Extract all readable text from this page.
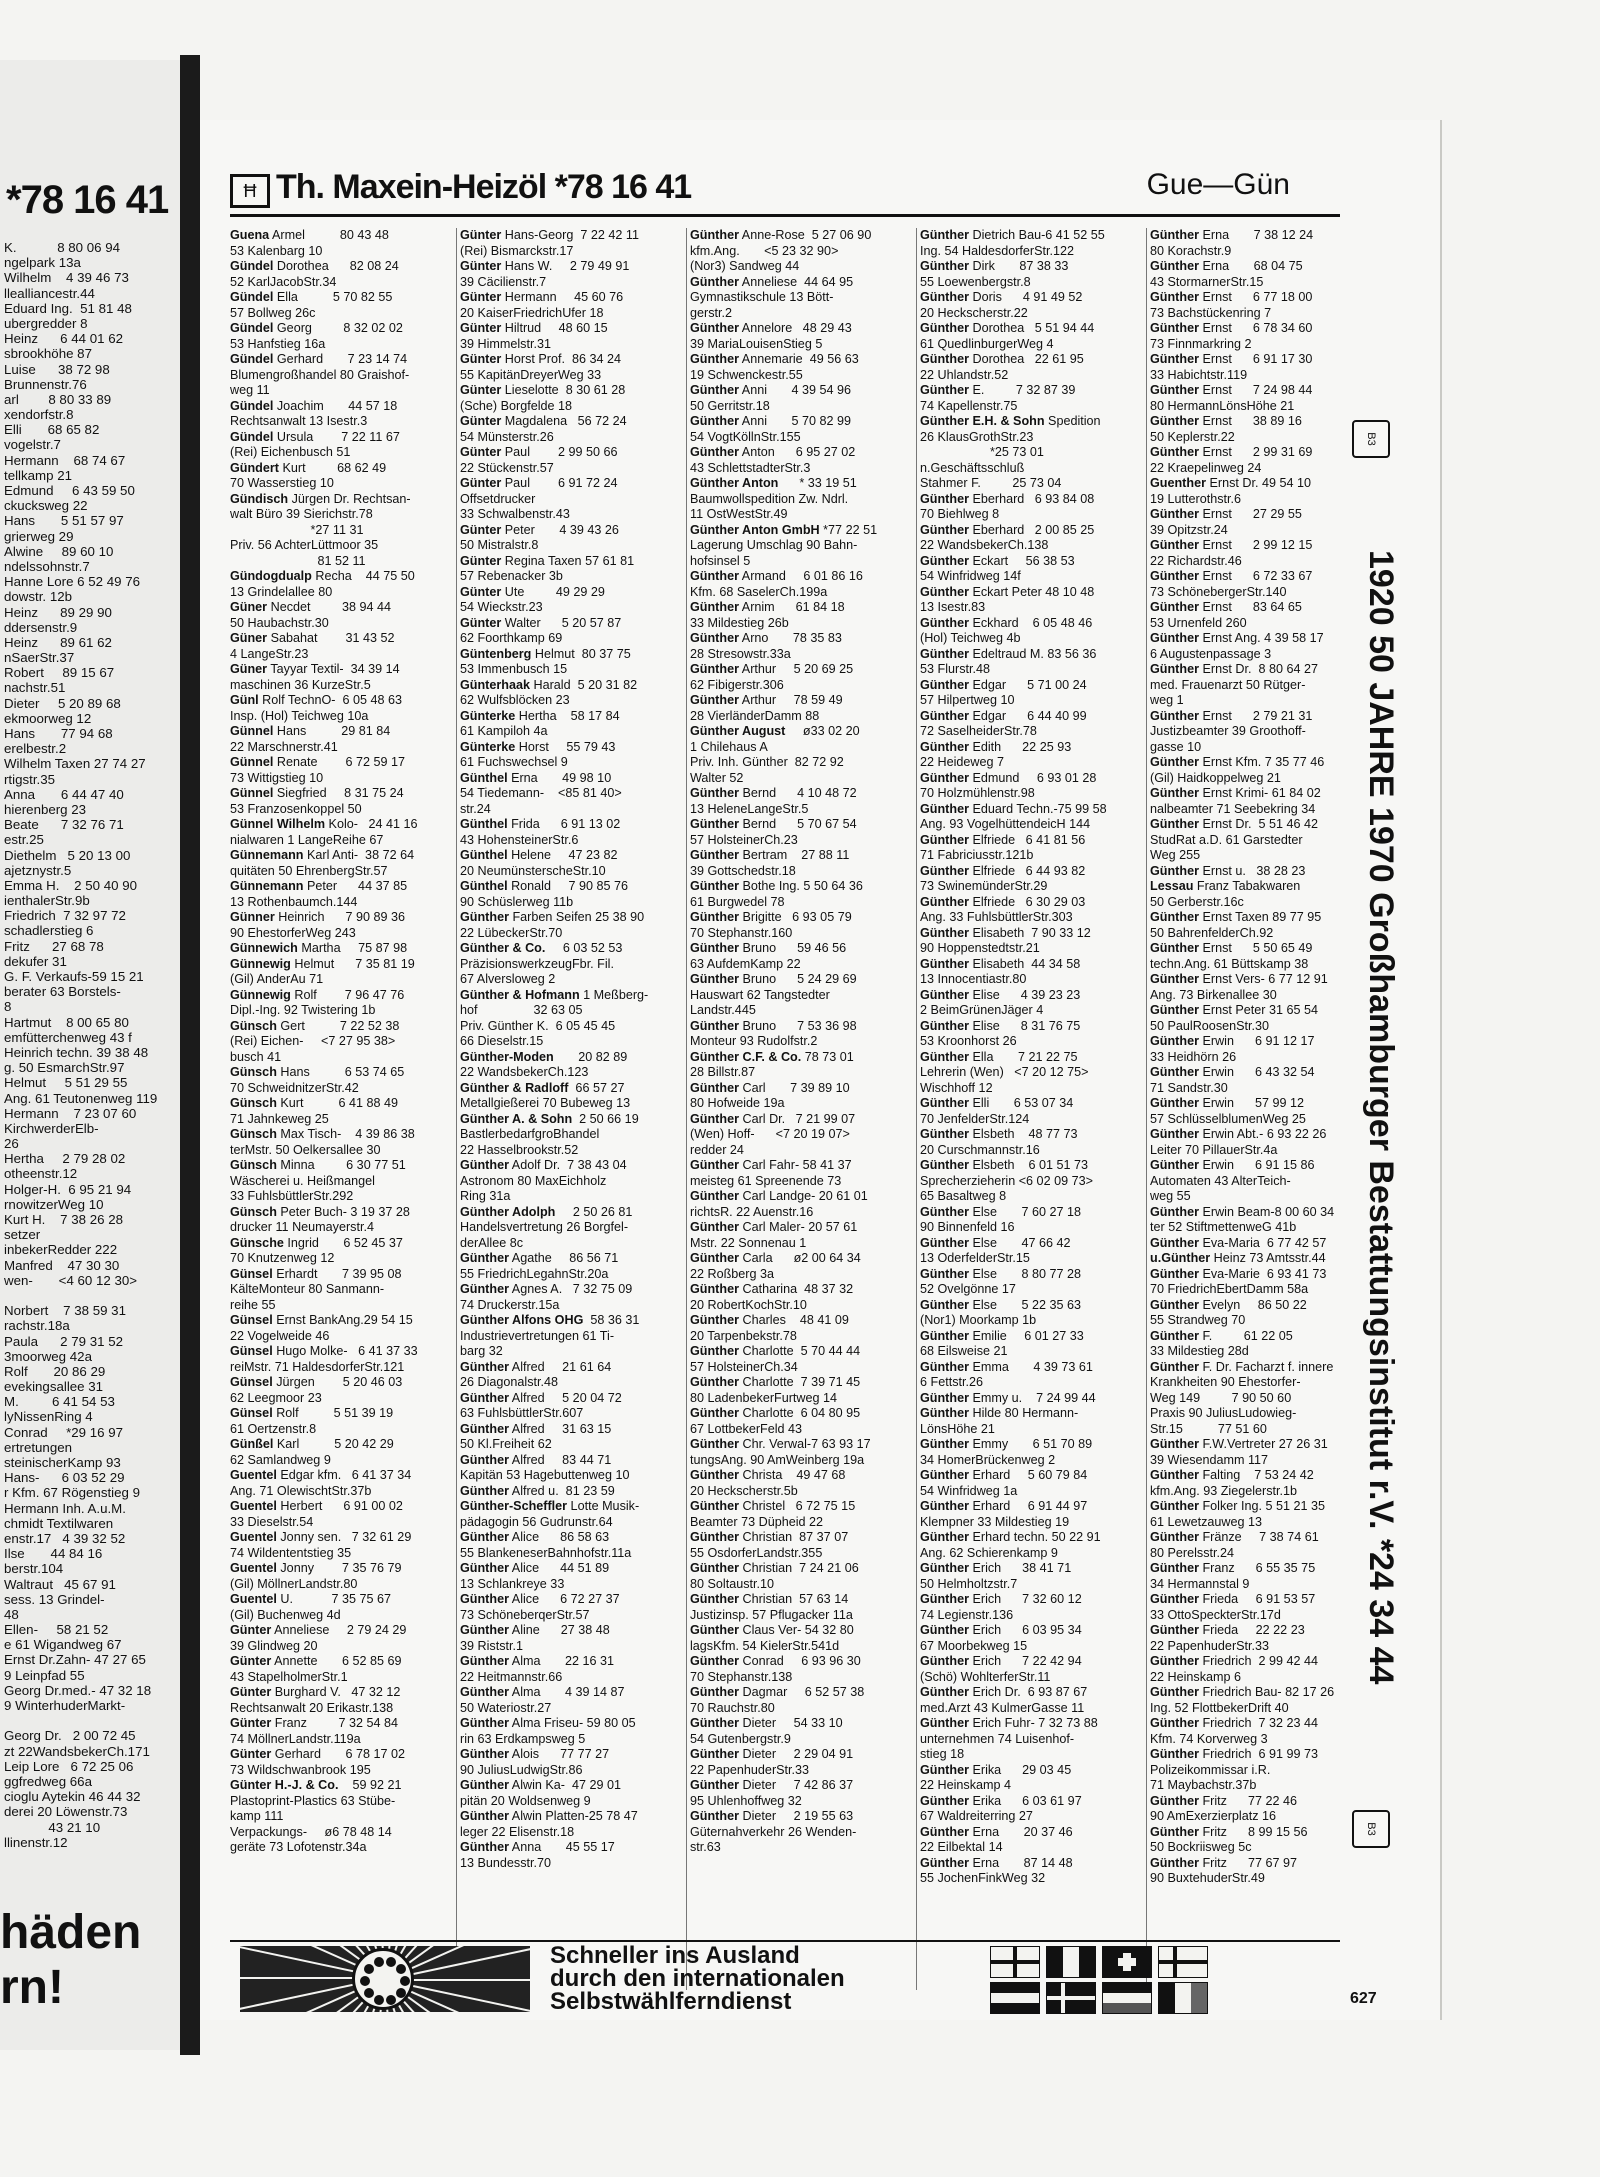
*78 16 41
K.           8 80 06 94
ngelpark 13a
Wilhelm    4 39 46 73
llealliancestr.44
Eduard Ing.  51 81 48
ubergredder 8
Heinz      6 44 01 62
sbrookhöhe 87
Luise      38 72 98
Brunnenstr.76
arl        8 80 33 89
xendorfstr.8
Elli       68 65 82
vogelstr.7
Hermann    68 74 67
tellkamp 21
Edmund     6 43 59 50
ckucksweg 22
Hans       5 51 57 97
grierweg 29
Alwine     89 60 10
ndelssohnstr.7
Hanne Lore 6 52 49 76
dowstr. 12b
Heinz      89 29 90
ddersenstr.9
Heinz      89 61 62
nSaerStr.37
Robert     89 15 67
nachstr.51
Dieter     5 20 89 68
ekmoorweg 12
Hans       77 94 68
erelbestr.2
Wilhelm Taxen 27 74 27
rtigstr.35
Anna       6 44 47 40
hierenberg 23
Beate      7 32 76 71
estr.25
Diethelm   5 20 13 00
ajetznystr.5
Emma H.    2 50 40 90
ienthalerStr.9b
Friedrich  7 32 97 72
schadlerstieg 6
Fritz      27 68 78
dekufer 31
G. F. Verkaufs-59 15 21
berater 63 Borstels-
8
Hartmut    8 00 65 80
emfütterchenweg 43 f
Heinrich techn. 39 38 48
g. 50 EsmarchStr.97
Helmut     5 51 29 55
Ang. 61 Teutonenweg 119
Hermann    7 23 07 60
KirchwerderElb-
26
Hertha     2 79 28 02
otheenstr.12
Holger-H.  6 95 21 94
rnowitzerWeg 10
Kurt H.    7 38 26 28
setzer
inbekerRedder 222
Manfred    47 30 30
wen-       <4 60 12 30>
Norbert    7 38 59 31
rachstr.18a
Paula      2 79 31 52
3moorweg 42a
Rolf       20 86 29
evekingsallee 31
M.         6 41 54 53
lyNissenRing 4
Conrad     *29 16 97
ertretungen
steinischerKamp 93
Hans-      6 03 52 29
r Kfm. 67 Rögenstieg 9
Hermann Inh. A.u.M.
chmidt Textilwaren
enstr.17   4 39 32 52
Ilse       44 84 16
berstr.104
Waltraut   45 67 91
sess. 13 Grindel-
48
Ellen-     58 21 52
e 61 Wigandweg 67
Ernst Dr.Zahn- 47 27 65
9 Leinpfad 55
Georg Dr.med.- 47 32 18
9 WinterhuderMarkt-
Georg Dr.   2 00 72 45
zt 22WandsbekerCh.171
Leip Lore   6 72 25 06
ggfredweg 66a
cioglu Aytekin 46 44 32
derei 20 Löwenstr.73
43 21 10
llinenstr.12
häden
rn!
Ħ Th. Maxein-Heizöl *78 16 41	Gue—Gün
Guena Armel          80 43 48
53 Kalenbarg 10
Gündel Dorothea      82 08 24
52 KarlJacobStr.34
Gündel Ella          5 70 82 55
57 Bollweg 26c
Gündel Georg         8 32 02 02
53 Hanfstieg 16a
Gündel Gerhard       7 23 14 74
Blumengroßhandel 80 Graishof-
weg 11
Gündel Joachim       44 57 18
Rechtsanwalt 13 Isestr.3
Gündel Ursula        7 22 11 67
(Rei) Eichenbusch 51
Gündert Kurt         68 62 49
70 Wasserstieg 10
Gündisch Jürgen Dr. Rechtsan-
walt Büro 39 Sierichstr.78
*27 11 31
Priv. 56 AchterLüttmoor 35
81 52 11
Gündogdualp Recha    44 75 50
13 Grindelallee 80
Güner Necdet         38 94 44
50 Haubachstr.30
Güner Sabahat        31 43 52
4 LangeStr.23
Güner Tayyar Textil-  34 39 14
maschinen 36 KurzeStr.5
Günl Rolf TechnO-  6 05 48 63
Insp. (Hol) Teichweg 10a
Günnel Hans          29 81 84
22 Marschnerstr.41
Günnel Renate        6 72 59 17
73 Wittigstieg 10
Günnel Siegfried     8 31 75 24
53 Franzosenkoppel 50
Günnel Wilhelm Kolo-   24 41 16
nialwaren 1 LangeReihe 67
Günnemann Karl Anti-  38 72 64
quitäten 50 EhrenbergStr.57
Günnemann Peter      44 37 85
13 Rothenbaumch.144
Günner Heinrich      7 90 89 36
90 EhestorferWeg 243
Günnewich Martha     75 87 98
Günnewig Helmut      7 35 81 19
(Gil) AnderAu 71
Günnewig Rolf        7 96 47 76
Dipl.-Ing. 92 Twistering 1b
Günsch Gert          7 22 52 38
(Rei) Eichen-     <7 27 95 38>
busch 41
Günsch Hans          6 53 74 65
70 SchweidnitzerStr.42
Günsch Kurt          6 41 88 49
71 Jahnkeweg 25
Günsch Max Tisch-    4 39 86 38
terMstr. 50 Oelkersallee 30
Günsch Minna         6 30 77 51
Wäscherei u. Heißmangel
33 FuhlsbüttlerStr.292
Günsch Peter Buch- 3 19 37 28
drucker 11 Neumayerstr.4
Günsche Ingrid       6 52 45 37
70 Knutzenweg 12
Günsel Erhardt       7 39 95 08
KälteMonteur 80 Sanmann-
reihe 55
Günsel Ernst BankAng.29 54 15
22 Vogelweide 46
Günsel Hugo Molke-   6 41 37 33
reiMstr. 71 HaldesdorferStr.121
Günsel Jürgen        5 20 46 03
62 Leegmoor 23
Günsel Rolf          5 51 39 19
61 Oertzenstr.8
Günßel Karl          5 20 42 29
62 Samlandweg 9
Guentel Edgar kfm.   6 41 37 34
Ang. 71 OlewischtStr.37b
Guentel Herbert      6 91 00 02
33 Dieselstr.54
Guentel Jonny sen.   7 32 61 29
74 Wildententstieg 35
Guentel Jonny        7 35 76 79
(Gil) MöllnerLandstr.80
Guentel U.           7 35 75 67
(Gil) Buchenweg 4d
Günter Anneliese     2 79 24 29
39 Glindweg 20
Günter Annette       6 52 85 69
43 StapelholmerStr.1
Günter Burghard V.   47 32 12
Rechtsanwalt 20 Erikastr.138
Günter Franz         7 32 54 84
74 MöllnerLandstr.119a
Günter Gerhard       6 78 17 02
73 Wildschwanbrook 195
Günter H.-J. & Co.    59 92 21
Plastoprint-Plastics 63 Stübe-
kamp 111
Verpackungs-     ø6 78 48 14
geräte 73 Lofotenstr.34a
Günter Hans-Georg  7 22 42 11
(Rei) Bismarckstr.17
Günter Hans W.     2 79 49 91
39 Cäcilienstr.7
Günter Hermann     45 60 76
20 KaiserFriedrichUfer 18
Günter Hiltrud     48 60 15
39 Himmelstr.31
Günter Horst Prof.  86 34 24
55 KapitänDreyerWeg 33
Günter Lieselotte  8 30 61 28
(Sche) Borgfelde 18
Günter Magdalena   56 72 24
54 Münsterstr.26
Günter Paul        2 99 50 66
22 Stückenstr.57
Günter Paul        6 91 72 24
Offsetdrucker
33 Schwalbenstr.43
Günter Peter       4 39 43 26
50 Mistralstr.8
Günter Regina Taxen 57 61 81
57 Rebenacker 3b
Günter Ute         49 29 29
54 Wieckstr.23
Günter Walter      5 20 57 87
62 Foorthkamp 69
Güntenberg Helmut  80 37 75
53 Immenbusch 15
Günterhaak Harald  5 20 31 82
62 Wulfsblöcken 23
Günterke Hertha    58 17 84
61 Kampiloh 4a
Günterke Horst     55 79 43
61 Fuchswechsel 9
Günthel Erna       49 98 10
54 Tiedemann-    <85 81 40>
str.24
Günthel Frida      6 91 13 02
43 HohensteinerStr.6
Günthel Helene     47 23 82
20 NeumünsterscheStr.10
Günthel Ronald     7 90 85 76
90 Schüslerweg 11b
Günther Farben Seifen 25 38 90
22 LübeckerStr.70
Günther & Co.     6 03 52 53
PräzisionswerkzeugFbr. Fil.
67 Alversloweg 2
Günther & Hofmann 1 Meßberg-
hof                32 63 05
Priv. Günther K.  6 05 45 45
66 Dieselstr.15
Günther-Moden       20 82 89
22 WandsbekerCh.123
Günther & Radloff  66 57 27
Metallgießerei 70 Bubeweg 13
Günther A. & Sohn  2 50 66 19
BastlerbedarfgroBhandel
22 Hasselbrookstr.52
Günther Adolf Dr.  7 38 43 04
Astronom 80 MaxEichholz
Ring 31a
Günther Adolph     2 50 26 81
Handelsvertretung 26 Borgfel-
derAllee 8c
Günther Agathe     86 56 71
55 FriedrichLegahnStr.20a
Günther Agnes A.   7 32 75 09
74 Druckerstr.15a
Günther Alfons OHG  58 36 31
Industrievertretungen 61 Ti-
barg 32
Günther Alfred     21 61 64
26 Diagonalstr.48
Günther Alfred     5 20 04 72
63 FuhlsbüttlerStr.607
Günther Alfred     31 63 15
50 Kl.Freiheit 62
Günther Alfred     83 44 71
Kapitän 53 Hagebuttenweg 10
Günther Alfred u.  81 23 59
Günther-Scheffler Lotte Musik-
pädagogin 56 Gudrunstr.64
Günther Alice      86 58 63
55 BlankeneserBahnhofstr.11a
Günther Alice      44 51 89
13 Schlankreye 33
Günther Alice      6 72 27 37
73 SchöneberqerStr.57
Günther Aline      27 38 48
39 Riststr.1
Günther Alma       22 16 31
22 Heitmannstr.66
Günther Alma       4 39 14 87
50 Wateriostr.27
Günther Alma Friseu- 59 80 05
rin 63 Erdkampsweg 5
Günther Alois      77 77 27
90 JuliusLudwigStr.86
Günther Alwin Ka-  47 29 01
pitän 20 Woldsenweg 9
Günther Alwin Platten-25 78 47
leger 22 Elisenstr.18
Günther Anna       45 55 17
13 Bundesstr.70
Günther Anne-Rose  5 27 06 90
kfm.Ang.       <5 23 32 90>
(Nor3) Sandweg 44
Günther Anneliese  44 64 95
Gymnastikschule 13 Bött-
gerstr.2
Günther Annelore   48 29 43
39 MariaLouisenStieg 5
Günther Annemarie  49 56 63
19 Schwenckestr.55
Günther Anni       4 39 54 96
50 Gerritstr.18
Günther Anni       5 70 82 99
54 VogtKöllnStr.155
Günther Anton      6 95 27 02
43 SchlettstadterStr.3
Günther Anton      * 33 19 51
Baumwollspedition Zw. Ndrl.
11 OstWestStr.49
Günther Anton GmbH *77 22 51
Lagerung Umschlag 90 Bahn-
hofsinsel 5
Günther Armand     6 01 86 16
Kfm. 68 SaselerCh.199a
Günther Arnim      61 84 18
33 Mildestieg 26b
Günther Arno       78 35 83
28 Stresowstr.33a
Günther Arthur     5 20 69 25
62 Fibigerstr.306
Günther Arthur     78 59 49
28 VierländerDamm 88
Günther August     ø33 02 20
1 Chilehaus A
Priv. Inh. Günther  82 72 92
Walter 52
Günther Bernd      4 10 48 72
13 HeleneLangeStr.5
Günther Bernd      5 70 67 54
57 HolsteinerCh.23
Günther Bertram    27 88 11
39 Gottschedstr.18
Günther Bothe Ing. 5 50 64 36
61 Burgwedel 78
Günther Brigitte   6 93 05 79
70 Stephanstr.160
Günther Bruno      59 46 56
63 AufdemKamp 22
Günther Bruno      5 24 29 69
Hauswart 62 Tangstedter
Landstr.445
Günther Bruno      7 53 36 98
Monteur 93 Rudolfstr.2
Günther C.F. & Co. 78 73 01
28 Billstr.87
Günther Carl       7 39 89 10
80 Hofweide 19a
Günther Carl Dr.   7 21 99 07
(Wen) Hoff-      <7 20 19 07>
redder 24
Günther Carl Fahr- 58 41 37
meisteg 61 Spreenende 73
Günther Carl Landge- 20 61 01
richtsR. 22 Auenstr.16
Günther Carl Maler- 20 57 61
Mstr. 22 Sonnenau 1
Günther Carla      ø2 00 64 34
22 Roßberg 3a
Günther Catharina  48 37 32
20 RobertKochStr.10
Günther Charles    48 41 09
20 Tarpenbekstr.78
Günther Charlotte  5 70 44 44
57 HolsteinerCh.34
Günther Charlotte  7 39 71 45
80 LadenbekerFurtweg 14
Günther Charlotte  6 04 80 95
67 LottbekerFeld 43
Günther Chr. Verwal-7 63 93 17
tungsAng. 90 AmWeinberg 19a
Günther Christa    49 47 68
20 Heckscherstr.5b
Günther Christel   6 72 75 15
Beamter 73 Düpheid 22
Günther Christian  87 37 07
55 OsdorferLandstr.355
Günther Christian  7 24 21 06
80 Soltaustr.10
Günther Christian  57 63 14
Justizinsp. 57 Pflugacker 11a
Günther Claus Ver- 54 32 80
lagsKfm. 54 KielerStr.541d
Günther Conrad     6 93 96 30
70 Stephanstr.138
Günther Dagmar     6 52 57 38
70 Rauchstr.80
Günther Dieter     54 33 10
54 Gutenbergstr.9
Günther Dieter     2 29 04 91
22 PapenhuderStr.33
Günther Dieter     7 42 86 37
95 Uhlenhoffweg 32
Günther Dieter     2 19 55 63
Güternahverkehr 26 Wenden-
str.63
Günther Dietrich Bau-6 41 52 55
Ing. 54 HaldesdorferStr.122
Günther Dirk       87 38 33
55 Loewenbergstr.8
Günther Doris      4 91 49 52
20 Heckscherstr.22
Günther Dorothea   5 51 94 44
61 QuedlinburgerWeg 4
Günther Dorothea   22 61 95
22 Uhlandstr.52
Günther E.         7 32 87 39
74 Kapellenstr.75
Günther E.H. & Sohn Spedition
26 KlausGrothStr.23
*25 73 01
n.Geschäftsschluß
Stahmer F.         25 73 04
Günther Eberhard   6 93 84 08
70 Biehlweg 8
Günther Eberhard   2 00 85 25
22 WandsbekerCh.138
Günther Eckart     56 38 53
54 Winfridweg 14f
Günther Eckart Peter 48 10 48
13 Isestr.83
Günther Eckhard    6 05 48 46
(Hol) Teichweg 4b
Günther Edeltraud M. 83 56 36
53 Flurstr.48
Günther Edgar      5 71 00 24
57 Hilpertweg 10
Günther Edgar      6 44 40 99
72 SaselheiderStr.78
Günther Edith      22 25 93
22 Heideweg 7
Günther Edmund     6 93 01 28
70 Holzmühlenstr.98
Günther Eduard Techn.-75 99 58
Ang. 93 VogelhüttendeicH 144
Günther Elfriede   6 41 81 56
71 Fabriciusstr.121b
Günther Elfriede   6 44 93 82
73 SwinemünderStr.29
Günther Elfriede   6 30 29 03
Ang. 33 FuhlsbüttlerStr.303
Günther Elisabeth  7 90 33 12
90 Hoppenstedtstr.21
Günther Elisabeth  44 34 58
13 Innocentiastr.80
Günther Elise      4 39 23 23
2 BeimGrünenJäger 4
Günther Elise      8 31 76 75
53 Kroonhorst 26
Günther Ella       7 21 22 75
Lehrerin (Wen)   <7 20 12 75>
Wischhoff 12
Günther Elli       6 53 07 34
70 JenfelderStr.124
Günther Elsbeth    48 77 73
20 Curschmannstr.16
Günther Elsbeth    6 01 51 73
Sprecherzieherin <6 02 09 73>
65 Basaltweg 8
Günther Else       7 60 27 18
90 Binnenfeld 16
Günther Else       47 66 42
13 OderfelderStr.15
Günther Else       8 80 77 28
52 Ovelgönne 17
Günther Else       5 22 35 63
(Nor1) Moorkamp 1b
Günther Emilie     6 01 27 33
68 Eilsweise 21
Günther Emma       4 39 73 61
6 Fettstr.26
Günther Emmy u.    7 24 99 44
Günther Hilde 80 Hermann-
LönsHöhe 21
Günther Emmy       6 51 70 89
34 HomerBrückenweg 2
Günther Erhard     5 60 79 84
54 Winfridweg 1a
Günther Erhard     6 91 44 97
Klempner 33 Mildestieg 19
Günther Erhard techn. 50 22 91
Ang. 62 Schierenkamp 9
Günther Erich      38 41 71
50 Helmholtzstr.7
Günther Erich      7 32 60 12
74 Legienstr.136
Günther Erich      6 03 95 34
67 Moorbekweg 15
Günther Erich      7 22 42 94
(Schö) WohlterferStr.11
Günther Erich Dr.  6 93 87 67
med.Arzt 43 KulmerGasse 11
Günther Erich Fuhr- 7 32 73 88
unternehmen 74 Luisenhof-
stieg 18
Günther Erika      29 03 45
22 Heinskamp 4
Günther Erika      6 03 61 97
67 Waldreiterring 27
Günther Erna       20 37 46
22 Eilbektal 14
Günther Erna       87 14 48
55 JochenFinkWeg 32
Günther Erna       7 38 12 24
80 Korachstr.9
Günther Erna       68 04 75
43 StormarnerStr.15
Günther Ernst      6 77 18 00
73 Bachstückenring 7
Günther Ernst      6 78 34 60
73 Finnmarkring 2
Günther Ernst      6 91 17 30
33 Habichtstr.119
Günther Ernst      7 24 98 44
80 HermannLönsHöhe 21
Günther Ernst      38 89 16
50 Keplerstr.22
Günther Ernst      2 99 31 69
22 Kraepelinweg 24
Guenther Ernst Dr. 49 54 10
19 Lutterothstr.6
Günther Ernst      27 29 55
39 Opitzstr.24
Günther Ernst      2 99 12 15
22 Richardstr.46
Günther Ernst      6 72 33 67
73 SchönebergerStr.140
Günther Ernst      83 64 65
53 Urnenfeld 260
Günther Ernst Ang. 4 39 58 17
6 Augustenpassage 3
Günther Ernst Dr.  8 80 64 27
med. Frauenarzt 50 Rütger-
weg 1
Günther Ernst      2 79 21 31
Justizbeamter 39 Groothoff-
gasse 10
Günther Ernst Kfm. 7 35 77 46
(Gil) Haidkoppelweg 21
Günther Ernst Krimi- 61 84 02
nalbeamter 71 Seebekring 34
Günther Ernst Dr.  5 51 46 42
StudRat a.D. 61 Garstedter
Weg 255
Günther Ernst u.   38 28 23
Lessau Franz Tabakwaren
50 Gerberstr.16c
Günther Ernst Taxen 89 77 95
50 BahrenfelderCh.92
Günther Ernst      5 50 65 49
techn.Ang. 61 Büttskamp 38
Günther Ernst Vers- 6 77 12 91
Ang. 73 Birkenallee 30
Günther Ernst Peter 31 65 54
50 PaulRoosenStr.30
Günther Erwin      6 91 12 17
33 Heidhörn 26
Günther Erwin      6 43 32 54
71 Sandstr.30
Günther Erwin      57 99 12
57 SchlüsselblumenWeg 25
Günther Erwin Abt.- 6 93 22 26
Leiter 70 PillauerStr.4a
Günther Erwin      6 91 15 86
Automaten 43 AlterTeich-
weg 55
Günther Erwin Beam-8 00 60 34
ter 52 StiftmettenweG 41b
Günther Eva-Maria  6 77 42 57
u.Günther Heinz 73 Amtsstr.44
Günther Eva-Marie  6 93 41 73
70 FriedrichEbertDamm 58a
Günther Evelyn     86 50 22
55 Strandweg 70
Günther F.         61 22 05
33 Mildestieg 28d
Günther F. Dr. Facharzt f. innere
Krankheiten 90 Ehestorfer-
Weg 149         7 90 50 60
Praxis 90 JuliusLudowieg-
Str.15          77 51 60
Günther F.W.Vertreter 27 26 31
39 Wiesendamm 117
Günther Falting    7 53 24 42
kfm.Ang. 93 Ziegelerstr.1b
Günther Folker Ing. 5 51 21 35
61 Lewetzauweg 13
Günther Fränze     7 38 74 61
80 Perelsstr.24
Günther Franz      6 55 35 75
34 Hermannstal 9
Günther Frieda     6 91 53 57
33 OttoSpeckterStr.17d
Günther Frieda     22 22 23
22 PapenhuderStr.33
Günther Friedrich  2 99 42 44
22 Heinskamp 6
Günther Friedrich Bau- 82 17 26
Ing. 52 FlottbekerDrift 40
Günther Friedrich  7 32 23 44
Kfm. 74 Korverweg 3
Günther Friedrich  6 91 99 73
Polizeikommissar i.R.
71 Maybachstr.37b
Günther Fritz      77 22 46
90 AmExerzierplatz 16
Günther Fritz      8 99 15 56
50 Bockriisweg 5c
Günther Fritz      77 67 97
90 BuxtehuderStr.49
B3
1920 50 JAHRE 1970 Großhamburger Bestattungsinstitut r.V. *24 34 44
B3
Schneller ins Ausland
durch den internationalen
Selbstwählferndienst	627
